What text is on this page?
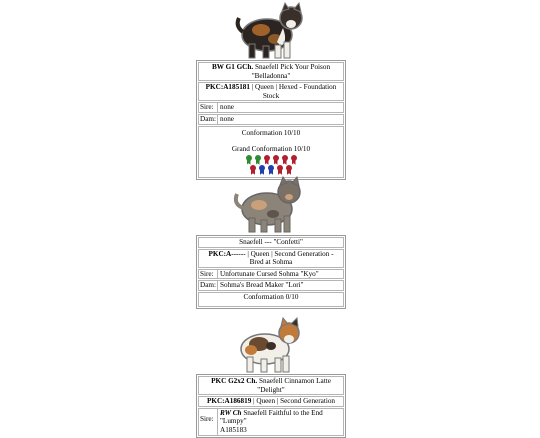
BW G1 GCh. Snaefell Pick Your Poison "Belladonna"
PKC:A185181 | Queen | Hexed - Foundation Stock
Sire: none
Dam: none
Conformation 10/10
Grand Conformation 10/10
Snaefell --- "Confetti"
PKC:A------ | Queen | Second Generation - Bred at Sohma
Sire: Unfortunate Cursed Sohma "Kyo"
Dam: Sohma's Bread Maker "Lori"
Conformation 0/10
PKC G2x2 Ch. Snaefell Cinnamon Latte "Delight"
PKC:A186819 | Queen | Second Generation
Sire:
RW Ch Snaefell Faithful to the End "Lumpy"
A185183
